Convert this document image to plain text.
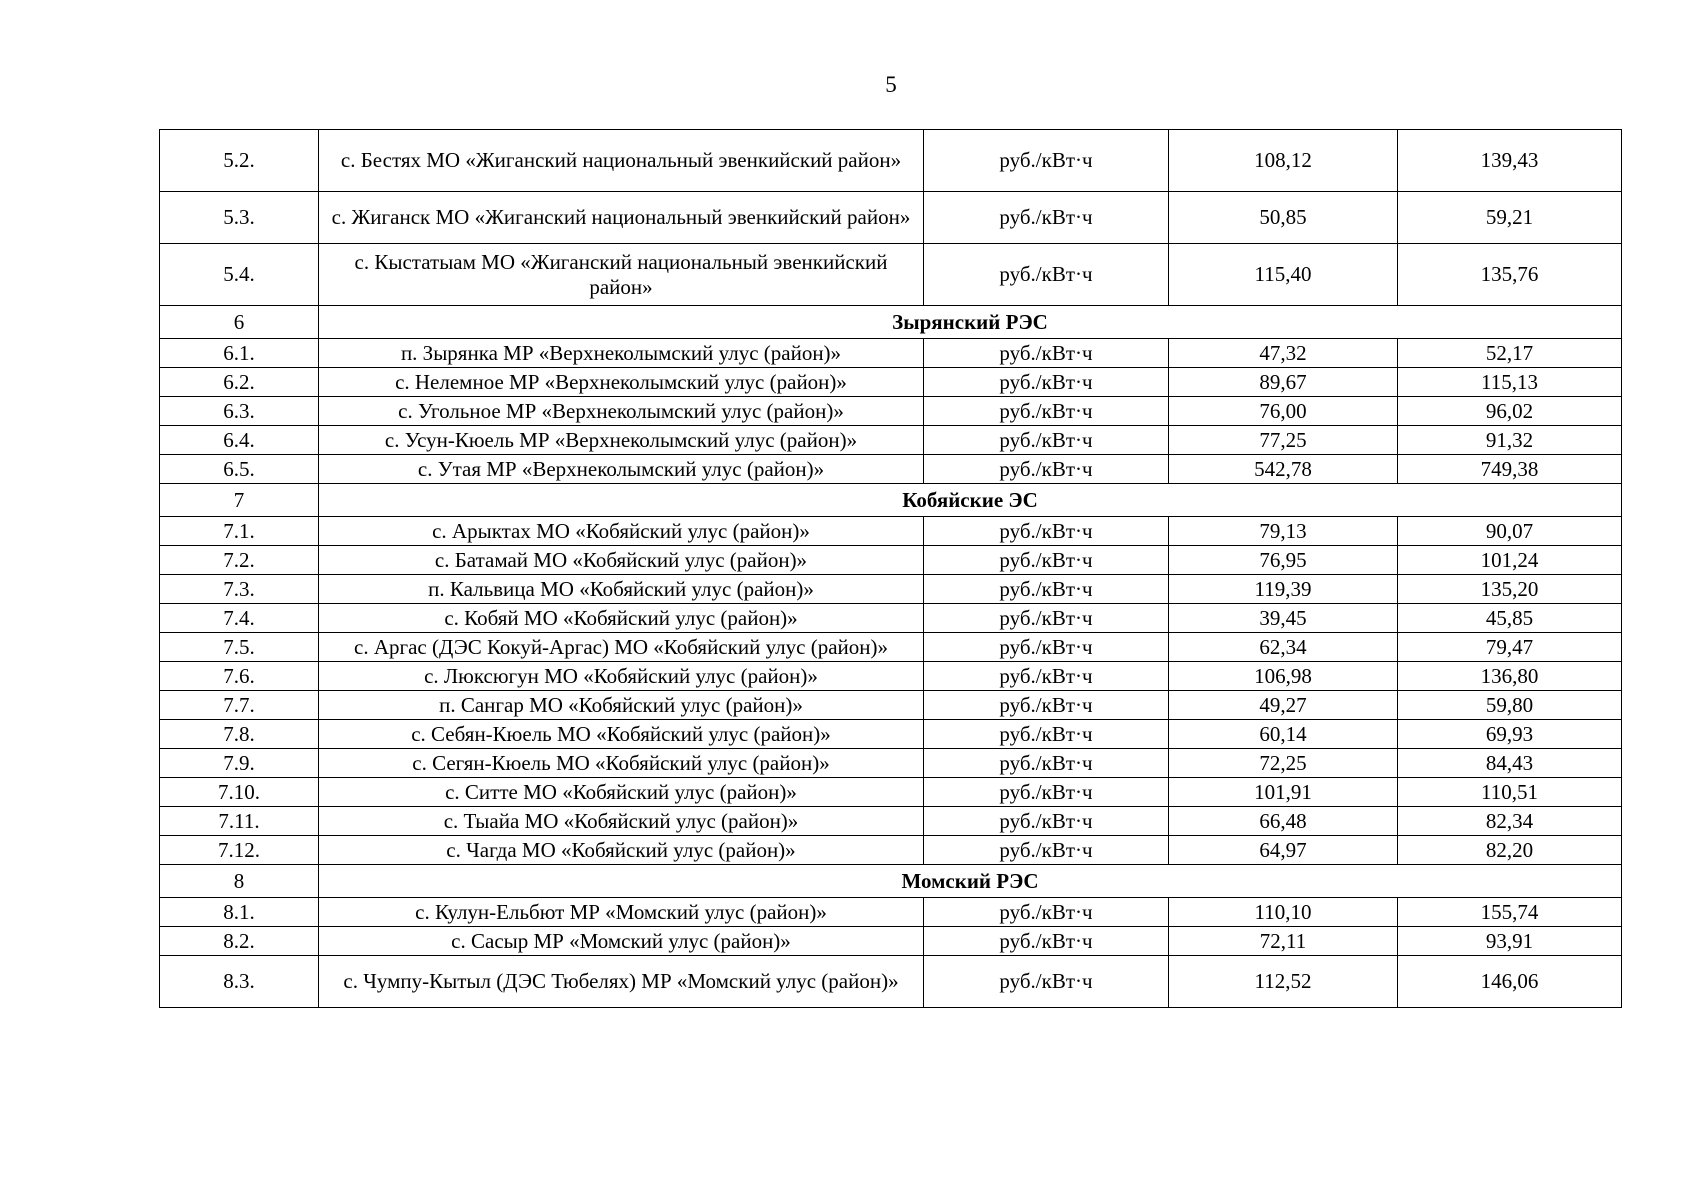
5
5.2.	с. Бестях МО «Жиганский национальный эвенкийский район»	руб./кВт·ч	108,12	139,43
5.3.	с. Жиганск МО «Жиганский национальный эвенкийский район»	руб./кВт·ч	50,85	59,21
5.4.	с. Кыстатыам МО «Жиганский национальный эвенкийский район»	руб./кВт·ч	115,40	135,76
6	Зырянский РЭС			
6.1.	п. Зырянка МР «Верхнеколымский улус (район)»	руб./кВт·ч	47,32	52,17
6.2.	с. Нелемное МР «Верхнеколымский улус (район)»	руб./кВт·ч	89,67	115,13
6.3.	с. Угольное МР «Верхнеколымский улус (район)»	руб./кВт·ч	76,00	96,02
6.4.	с. Усун-Кюель МР «Верхнеколымский улус (район)»	руб./кВт·ч	77,25	91,32
6.5.	с. Утая МР «Верхнеколымский улус (район)»	руб./кВт·ч	542,78	749,38
7	Кобяйские ЭС			
7.1.	с. Арыктах МО «Кобяйский улус (район)»	руб./кВт·ч	79,13	90,07
7.2.	с. Батамай МО «Кобяйский улус (район)»	руб./кВт·ч	76,95	101,24
7.3.	п. Кальвица МО «Кобяйский улус (район)»	руб./кВт·ч	119,39	135,20
7.4.	с. Кобяй МО «Кобяйский улус (район)»	руб./кВт·ч	39,45	45,85
7.5.	с. Аргас (ДЭС Кокуй-Аргас) МО «Кобяйский улус (район)»	руб./кВт·ч	62,34	79,47
7.6.	с. Люксюгун МО «Кобяйский улус (район)»	руб./кВт·ч	106,98	136,80
7.7.	п. Сангар МО «Кобяйский улус (район)»	руб./кВт·ч	49,27	59,80
7.8.	с. Себян-Кюель МО «Кобяйский улус (район)»	руб./кВт·ч	60,14	69,93
7.9.	с. Сегян-Кюель МО «Кобяйский улус (район)»	руб./кВт·ч	72,25	84,43
7.10.	с. Ситте МО «Кобяйский улус (район)»	руб./кВт·ч	101,91	110,51
7.11.	с. Тыайа МО «Кобяйский улус (район)»	руб./кВт·ч	66,48	82,34
7.12.	с. Чагда МО «Кобяйский улус (район)»	руб./кВт·ч	64,97	82,20
8	Момский РЭС			
8.1.	с. Кулун-Ельбют МР «Момский улус (район)»	руб./кВт·ч	110,10	155,74
8.2.	с. Сасыр МР «Момский улус (район)»	руб./кВт·ч	72,11	93,91
8.3.	с. Чумпу-Кытыл (ДЭС Тюбелях) МР «Момский улус (район)»	руб./кВт·ч	112,52	146,06
